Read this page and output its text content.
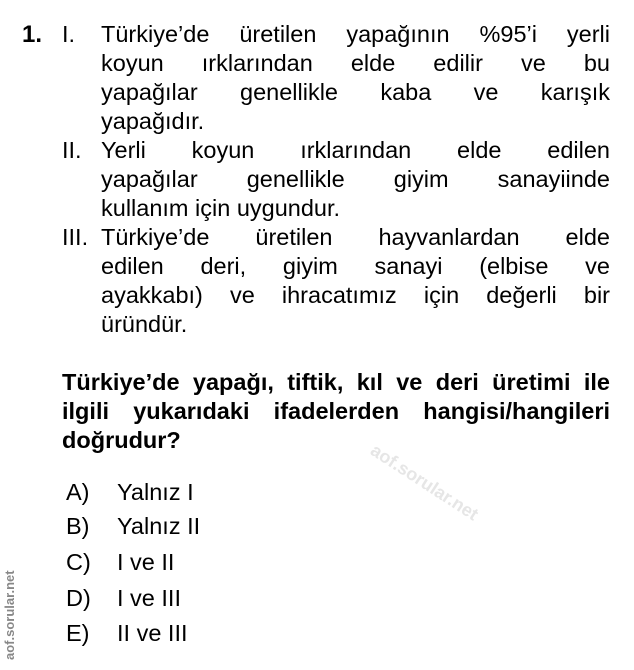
1. I. Türkiye’de üretilen yapağının %95’i yerli
koyun ırklarından elde edilir ve bu
yapağılar genellikle kaba ve karışık
yapağıdır.
II. Yerli koyun ırklarından elde edilen
yapağılar genellikle giyim sanayiinde
kullanım için uygundur.
III. Türkiye’de üretilen hayvanlardan elde
edilen deri, giyim sanayi (elbise ve
ayakkabı) ve ihracatımız için değerli bir
üründür.
Türkiye’de yapağı, tiftik, kıl ve deri üretimi ile
ilgili yukarıdaki ifadelerden hangisi/hangileri
doğrudur?	aof.sorular.net
A) Yalnız I
B) Yalnız II
C) I ve II
D) I ve III
E) II ve III
aof.sorular.net
